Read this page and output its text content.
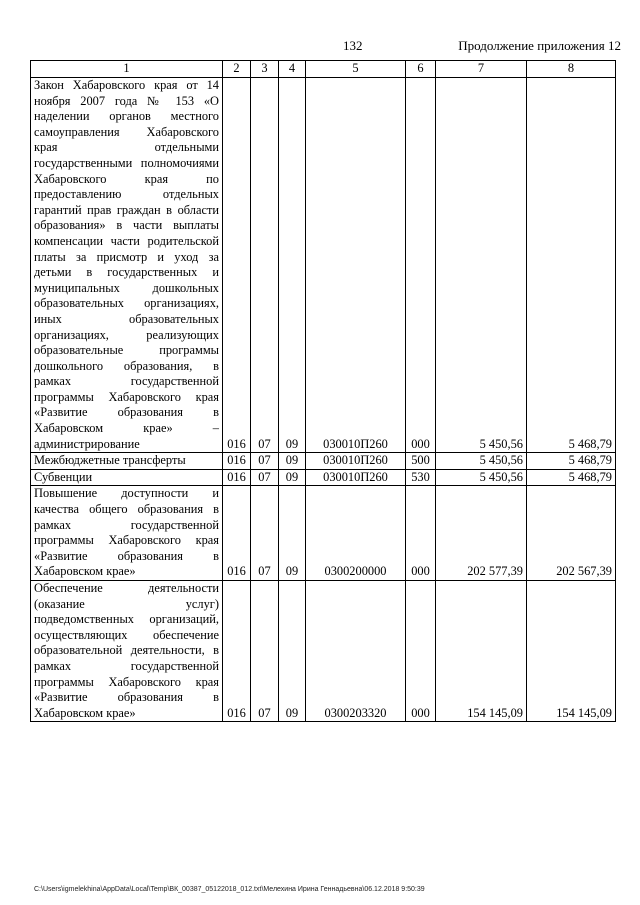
132	Продолжение приложения 12
1	2	3	4	5	6	7	8
Закон Хабаровского края от 14 ноября 2007 года № 153 «О наделении органов местного самоуправления Хабаровского края отдельными государственными полномочиями Хабаровского края по предоставлению отдельных гарантий прав граждан в области образования» в части выплаты компенсации части родительской платы за присмотр и уход за детьми в государственных и муниципальных дошкольных образовательных организациях, иных образовательных организациях, реализующих образовательные программы дошкольного образования, в рамках государственной программы Хабаровского края «Развитие образования в Хабаровском крае» – администрирование	016	07	09	030010П260	000	5 450,56	5 468,79
Межбюджетные трансферты	016	07	09	030010П260	500	5 450,56	5 468,79
Субвенции	016	07	09	030010П260	530	5 450,56	5 468,79
Повышение доступности и качества общего образования в рамках государственной программы Хабаровского края «Развитие образования в Хабаровском крае»	016	07	09	0300200000	000	202 577,39	202 567,39
Обеспечение деятельности (оказание услуг) подведомственных организаций, осуществляющих обеспечение образовательной деятельности, в рамках государственной программы Хабаровского края «Развитие образования в Хабаровском крае»	016	07	09	0300203320	000	154 145,09	154 145,09
C:\Users\igmelekhina\AppData\Local\Temp\ВК_00387_05122018_012.txt\Мелехина Ирина Геннадьевна\06.12.2018 9:50:39
